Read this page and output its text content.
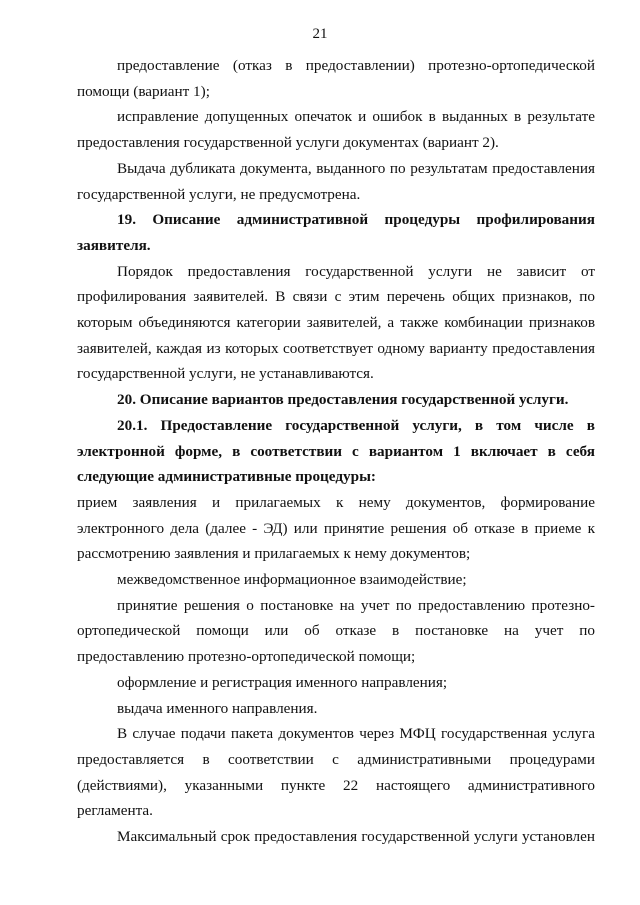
21

предоставление (отказ в предоставлении) протезно-ортопедической помощи (вариант 1);

исправление допущенных опечаток и ошибок в выданных в результате предоставления государственной услуги документах (вариант 2).

Выдача дубликата документа, выданного по результатам предоставления государственной услуги, не предусмотрена.

19. Описание административной процедуры профилирования заявителя.

Порядок предоставления государственной услуги не зависит от профилирования заявителей. В связи с этим перечень общих признаков, по которым объединяются категории заявителей, а также комбинации признаков заявителей, каждая из которых соответствует одному варианту предоставления государственной услуги, не устанавливаются.

20. Описание вариантов предоставления государственной услуги.

20.1. Предоставление государственной услуги, в том числе в электронной форме, в соответствии с вариантом 1 включает в себя следующие административные процедуры:

прием заявления и прилагаемых к нему документов, формирование электронного дела (далее - ЭД) или принятие решения об отказе в приеме к рассмотрению заявления и прилагаемых к нему документов;

межведомственное информационное взаимодействие;

принятие решения о постановке на учет по предоставлению протезно-ортопедической помощи или об отказе в постановке на учет по предоставлению протезно-ортопедической помощи;

оформление и регистрация именного направления;

выдача именного направления.

В случае подачи пакета документов через МФЦ государственная услуга предоставляется в соответствии с административными процедурами (действиями), указанными пункте 22 настоящего административного регламента.

Максимальный срок предоставления государственной услуги установлен
